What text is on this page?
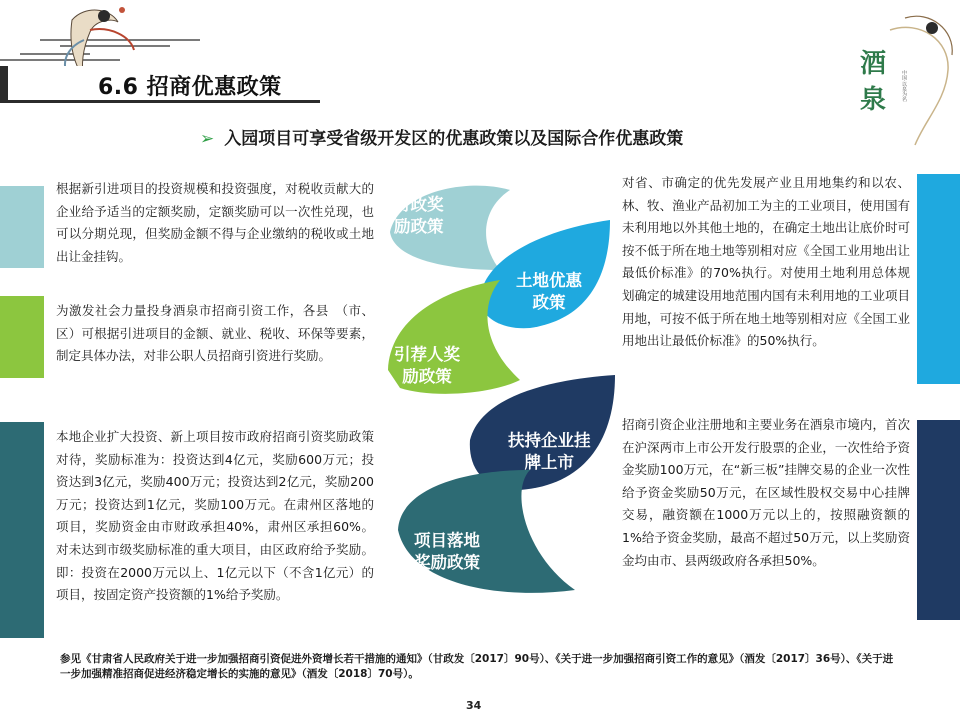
6.6 招商优惠政策
酒
泉	中国·以泉为名
➢ 入园项目可享受省级开发区的优惠政策以及国际合作优惠政策
根据新引进项目的投资规模和投资强度，对税收贡献大的企业给予适当的定额奖励，定额奖励可以一次性兑现，也可以分期兑现，但奖励金额不得与企业缴纳的税收或土地出让金挂钩。
为激发社会力量投身酒泉市招商引资工作，各县　（市、区）可根据引进项目的金额、就业、税收、环保等要素，制定具体办法，对非公职人员招商引资进行奖励。
本地企业扩大投资、新上项目按市政府招商引资奖励政策对待，奖励标准为：投资达到4亿元，奖励600万元；投资达到3亿元，奖励400万元；投资达到2亿元，奖励200万元；投资达到1亿元，奖励100万元。在肃州区落地的项目，奖励资金由市财政承担40%，肃州区承担60%。对未达到市级奖励标准的重大项目，由区政府给予奖励。即：投资在2000万元以上、1亿元以下（不含1亿元）的项目，按固定资产投资额的1%给予奖励。
对省、市确定的优先发展产业且用地集约和以农、林、牧、渔业产品初加工为主的工业项目，使用国有未利用地以外其他土地的，在确定土地出让底价时可按不低于所在地土地等别相对应《全国工业用地出让最低价标准》的70%执行。对使用土地利用总体规划确定的城建设用地范围内国有未利用地的工业项目用地，可按不低于所在地土地等别相对应《全国工业用地出让最低价标准》的50%执行。
招商引资企业注册地和主要业务在酒泉市境内，首次在沪深两市上市公开发行股票的企业，一次性给予资金奖励100万元，在“新三板”挂牌交易的企业一次性给予资金奖励50万元，在区域性股权交易中心挂牌交易，融资额在1000万元以上的，按照融资额的1%给予资金奖励，最高不超过50万元，以上奖励资金均由市、县两级政府各承担50%。
财政奖
励政策
土地优惠
政策
引荐人奖
励政策
扶持企业挂
牌上市
项目落地
奖励政策
参见《甘肃省人民政府关于进一步加强招商引资促进外资增长若干措施的通知》（甘政发〔2017〕90号）、《关于进一步加强招商引资工作的意见》（酒发〔2017〕36号）、《关于进一步加强精准招商促进经济稳定增长的实施的意见》（酒发〔2018〕70号）。
34
